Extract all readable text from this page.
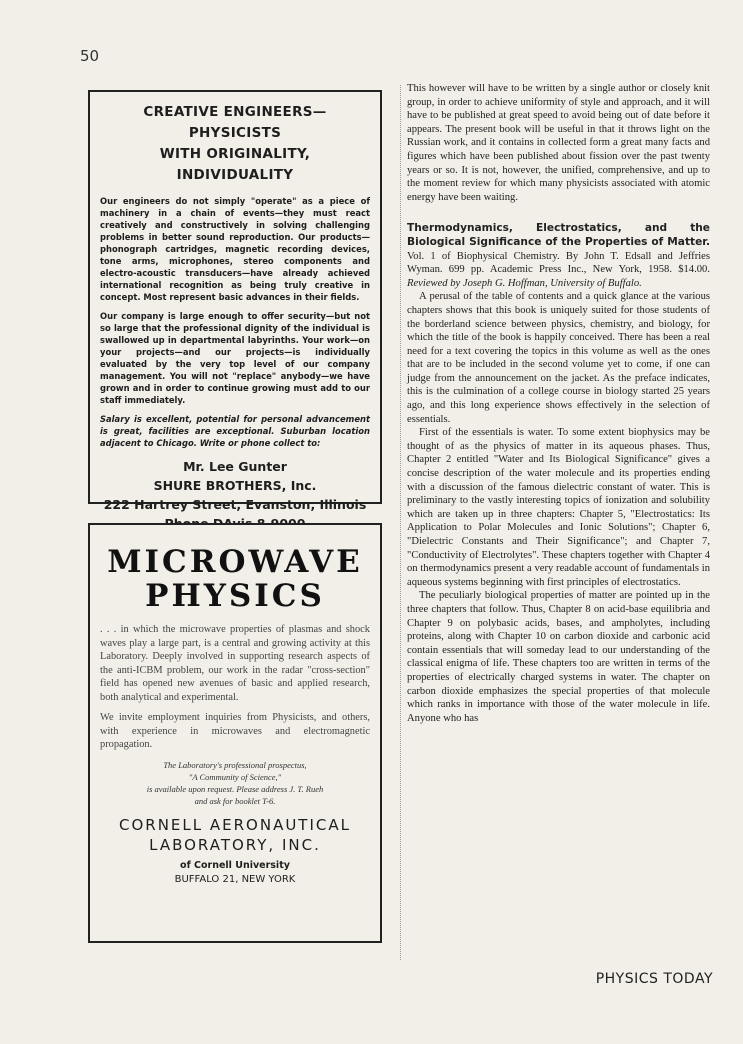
50
CREATIVE ENGINEERS—PHYSICISTS
WITH ORIGINALITY, INDIVIDUALITY

Our engineers do not simply "operate" as a piece of machinery in a chain of events—they must react creatively and constructively in solving challenging problems in better sound reproduction. Our products—phonograph cartridges, magnetic recording devices, tone arms, microphones, stereo components and electro-acoustic transducers—have already achieved international recognition as being truly creative in concept. Most represent basic advances in their fields.

Our company is large enough to offer security—but not so large that the professional dignity of the individual is swallowed up in departmental labyrinths. Your work—on your projects—and our projects—is individually evaluated by the very top level of our company management. You will not "replace" anybody—we have grown and in order to continue growing must add to our staff immediately.

Salary is excellent, potential for personal advancement is great, facilities are exceptional. Suburban location adjacent to Chicago. Write or phone collect to:

Mr. Lee Gunter
SHURE BROTHERS, Inc.
222 Hartrey Street, Evanston, Illinois
MICROWAVE
PHYSICS

. . . in which the microwave properties of plasmas and shock waves play a large part, is a central and growing activity at this Laboratory. Deeply involved in supporting research aspects of the anti-ICBM problem, our work in the radar "cross-section" field has opened new avenues of basic and applied research, both analytical and experimental.

We invite employment inquiries from Physicists, and others, with experience in microwaves and electromagnetic propagation.

The Laboratory's professional prospectus,
"A Community of Science,"
is available upon request. Please address J. T. Rueh
and ask for booklet T-6.
CORNELL AERONAUTICAL
LABORATORY, INC.
of Cornell University
BUFFALO 21, NEW YORK

This however will have to be written by a single author or closely knit group, in order to achieve uniformity of style and approach, and it will have to be published at great speed to avoid being out of date before it appears. The present book will be useful in that it throws light on the Russian work, and it contains in collected form a great many facts and figures which have been published about fission over the past twenty years or so. It is not, however, the unified, comprehensive, and up to the moment review for which many physicists associated with atomic energy have been waiting.

Thermodynamics, Electrostatics, and the Biological Significance of the Properties of Matter. Vol. 1 of Biophysical Chemistry. By John T. Edsall and Jeffries Wyman. 699 pp. Academic Press Inc., New York, 1958. $14.00. Reviewed by Joseph G. Hoffman, University of Buffalo.

A perusal of the table of contents and a quick glance at the various chapters shows that this book is uniquely suited for those students of the borderland science between physics, chemistry, and biology, for which the title of the book is happily conceived. There has been a real need for a text covering the topics in this volume as well as the ones that are to be included in the second volume yet to come, if one can judge from the announcement on the jacket. As the preface indicates, this is the culmination of a college course in biology started 25 years ago, and this long experience shows effectively in the selection of essentials.

First of the essentials is water. To some extent biophysics may be thought of as the physics of matter in its aqueous phases. Thus, Chapter 2 entitled "Water and Its Biological Significance" gives a concise description of the water molecule and its properties ending with a discussion of the famous dielectric constant of water. This is preliminary to the vastly interesting topics of ionization and solubility which are taken up in three chapters: Chapter 5, "Electrostatics: Its Application to Polar Molecules and Ionic Solutions"; Chapter 6, "Dielectric Constants and Their Significance"; and Chapter 7, "Conductivity of Electrolytes". These chapters together with Chapter 4 on thermodynamics present a very readable account of fundamentals in aqueous systems beginning with first principles of electrostatics.

The peculiarly biological properties of matter are pointed up in the three chapters that follow. Thus, Chapter 8 on acid-base equilibria and Chapter 9 on polybasic acids, bases, and ampholytes, including proteins, along with Chapter 10 on carbon dioxide and carbonic acid contain essentials that will someday lead to our understanding of the classical enigma of life. These chapters too are written in terms of the properties of electrically charged systems in water. The chapter on carbon dioxide emphasizes the special properties of that molecule which ranks in importance with those of the water molecule in life. Anyone who has

PHYSICS TODAY
